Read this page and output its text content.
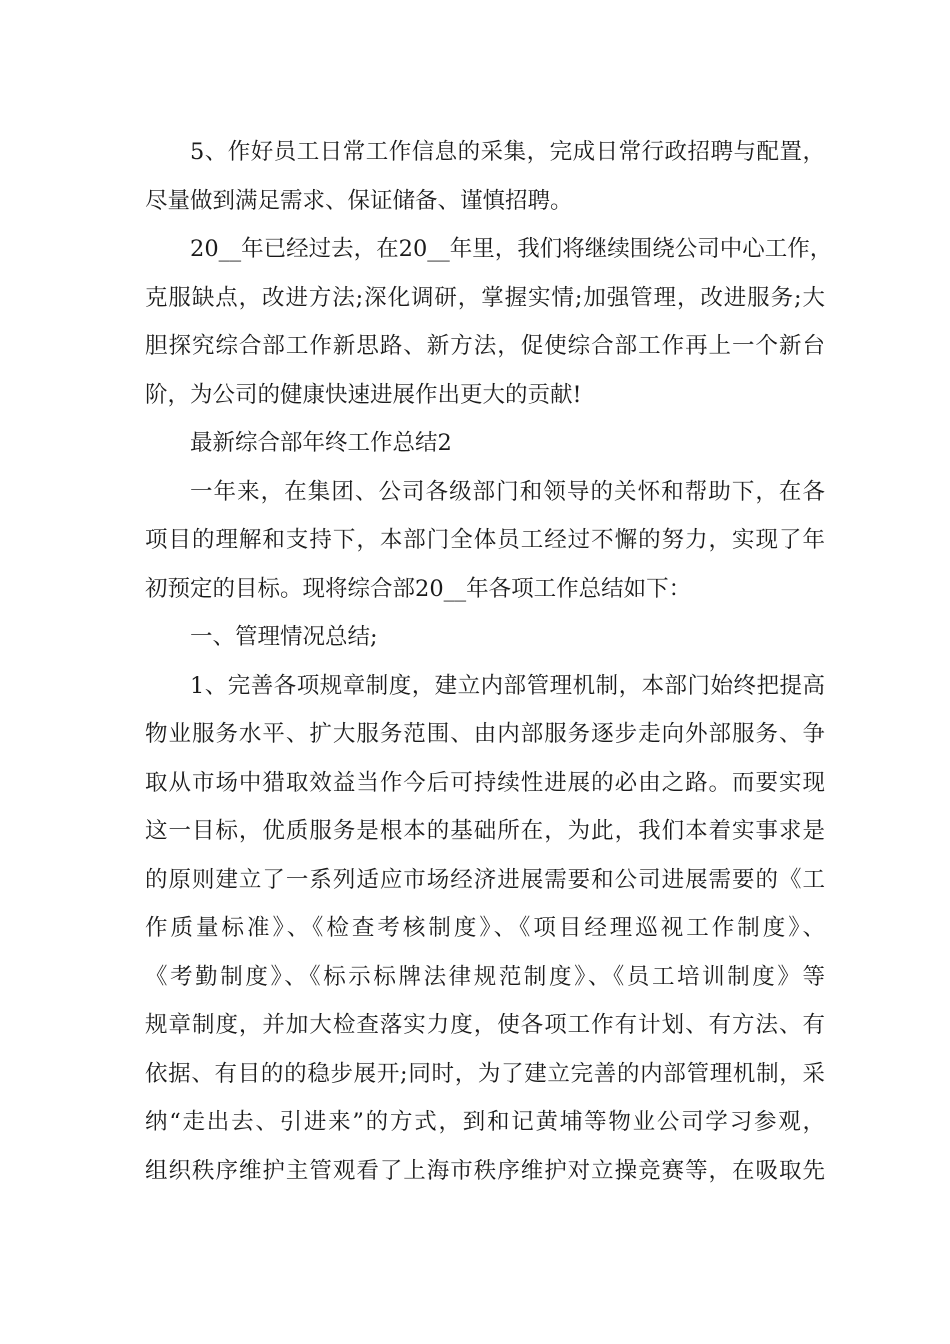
5、作好员工日常工作信息的采集，完成日常行政招聘与配置，
尽量做到满足需求、保证储备、谨慎招聘。
20__年已经过去，在20__年里，我们将继续围绕公司中心工作，
克服缺点，改进方法;深化调研，掌握实情;加强管理，改进服务;大
胆探究综合部工作新思路、新方法，促使综合部工作再上一个新台
阶，为公司的健康快速进展作出更大的贡献!
最新综合部年终工作总结2
一年来，在集团、公司各级部门和领导的关怀和帮助下，在各
项目的理解和支持下，本部门全体员工经过不懈的努力，实现了年
初预定的目标。现将综合部20__年各项工作总结如下：
一、管理情况总结;
1、完善各项规章制度，建立内部管理机制，本部门始终把提高
物业服务水平、扩大服务范围、由内部服务逐步走向外部服务、争
取从市场中猎取效益当作今后可持续性进展的必由之路。而要实现
这一目标，优质服务是根本的基础所在，为此，我们本着实事求是
的原则建立了一系列适应市场经济进展需要和公司进展需要的《工
作质量标准》、《检查考核制度》、《项目经理巡视工作制度》、
《考勤制度》、《标示标牌法律规范制度》、《员工培训制度》等
规章制度，并加大检查落实力度，使各项工作有计划、有方法、有
依据、有目的的稳步展开;同时，为了建立完善的内部管理机制，采
纳“走出去、引进来”的方式，到和记黄埔等物业公司学习参观，
组织秩序维护主管观看了上海市秩序维护对立操竞赛等，在吸取先
